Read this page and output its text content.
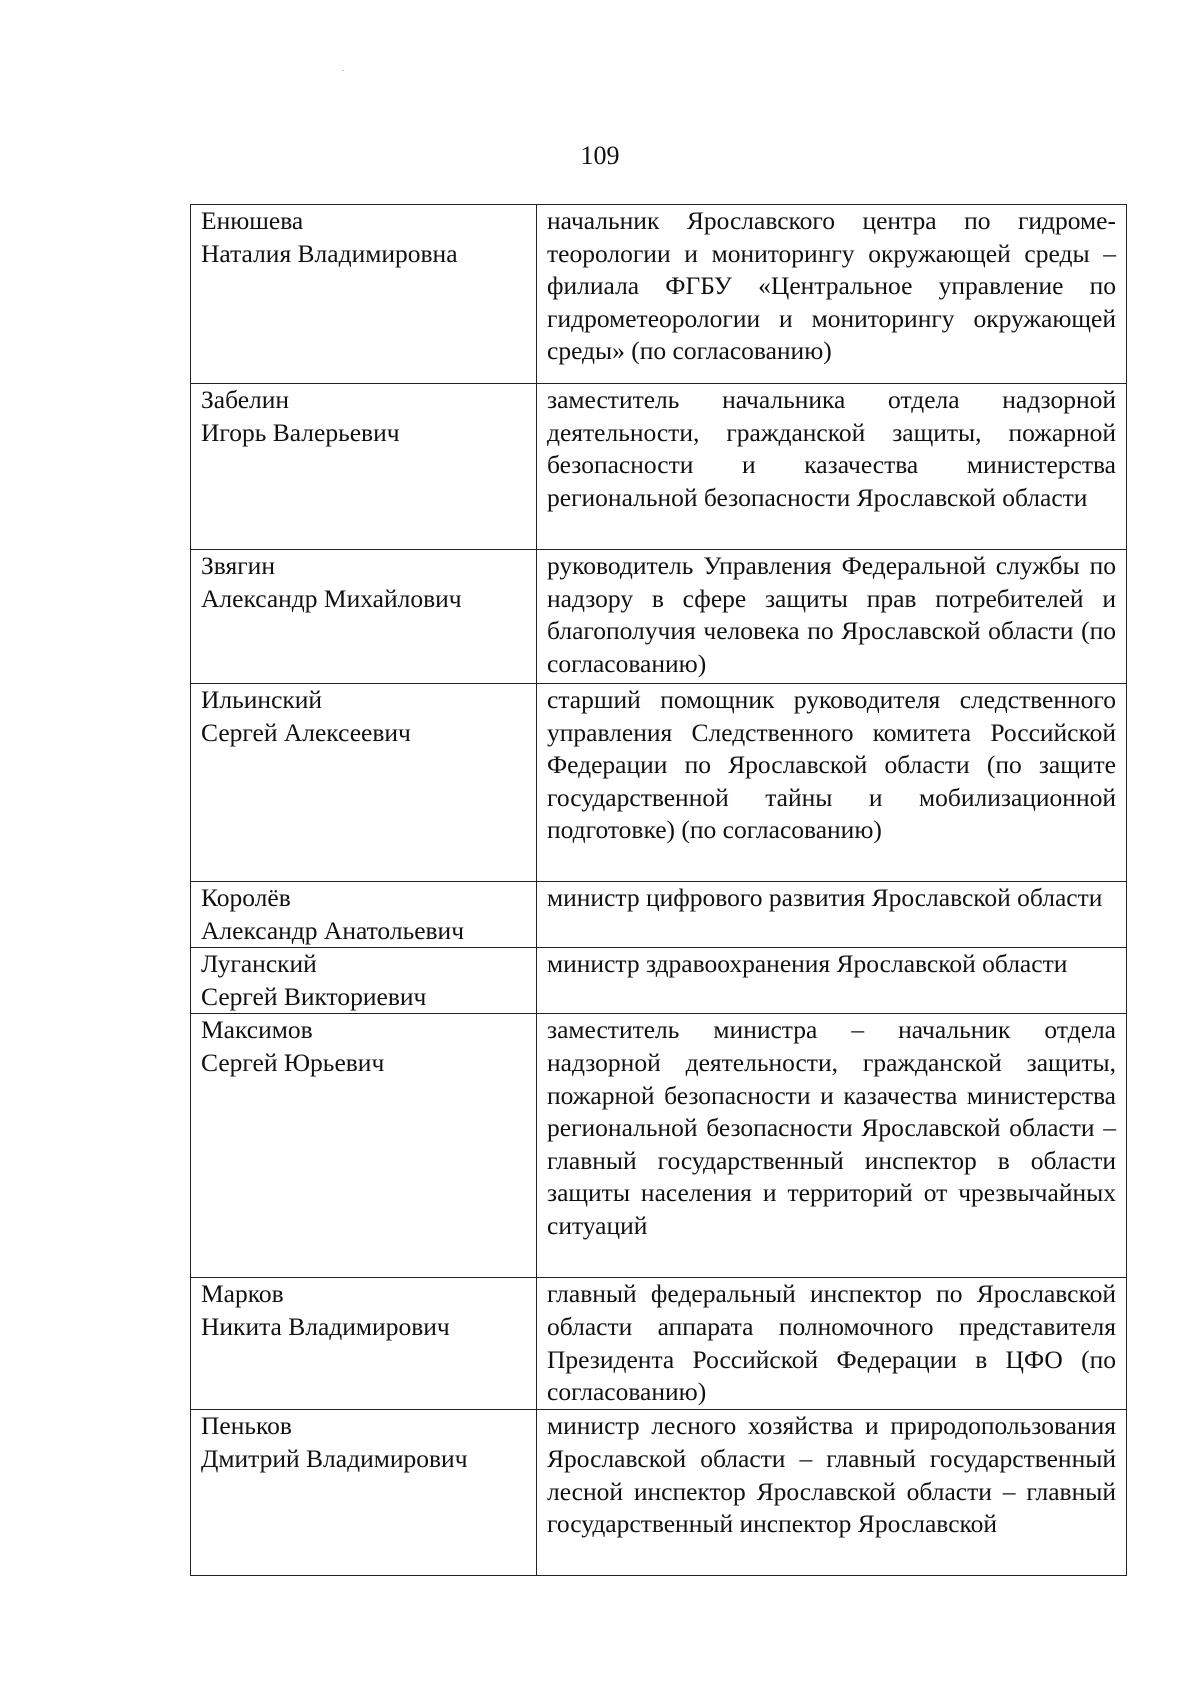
109
Енюшева
Наталия Владимировна	начальник Ярославского центра по гидрометеорологии и мониторингу окружающей среды – филиала ФГБУ «Центральное управление по гидрометеорологии и мониторингу окружающей среды» (по согласованию)

Забелин
Игорь Валерьевич	заместитель начальника отдела надзорной деятельности, гражданской защиты, пожарной безопасности и казачества министерства региональной безопасности Ярославской области

Звягин
Александр Михайлович	руководитель Управления Федеральной службы по надзору в сфере защиты прав потребителей и благополучия человека по Ярославской области (по согласованию)

Ильинский
Сергей Алексеевич	старший помощник руководителя следственного управления Следственного комитета Российской Федерации по Ярославской области (по защите государственной тайны и мобилизационной подготовке) (по согласованию)

Королёв
Александр Анатольевич	министр цифрового развития Ярославской области

Луганский
Сергей Викториевич	министр здравоохранения Ярославской области

Максимов
Сергей Юрьевич	заместитель министра – начальник отдела надзорной деятельности, гражданской защиты, пожарной безопасности и казачества министерства региональной безопасности Ярославской области – главный государственный инспектор в области защиты населения и территорий от чрезвычайных ситуаций

Марков
Никита Владимирович	главный федеральный инспектор по Ярославской области аппарата полномочного представителя Президента Российской Федерации в ЦФО (по согласованию)

Пеньков
Дмитрий Владимирович	министр лесного хозяйства и природопользования Ярославской области – главный государственный лесной инспектор Ярославской области – главный государственный инспектор Ярославской
